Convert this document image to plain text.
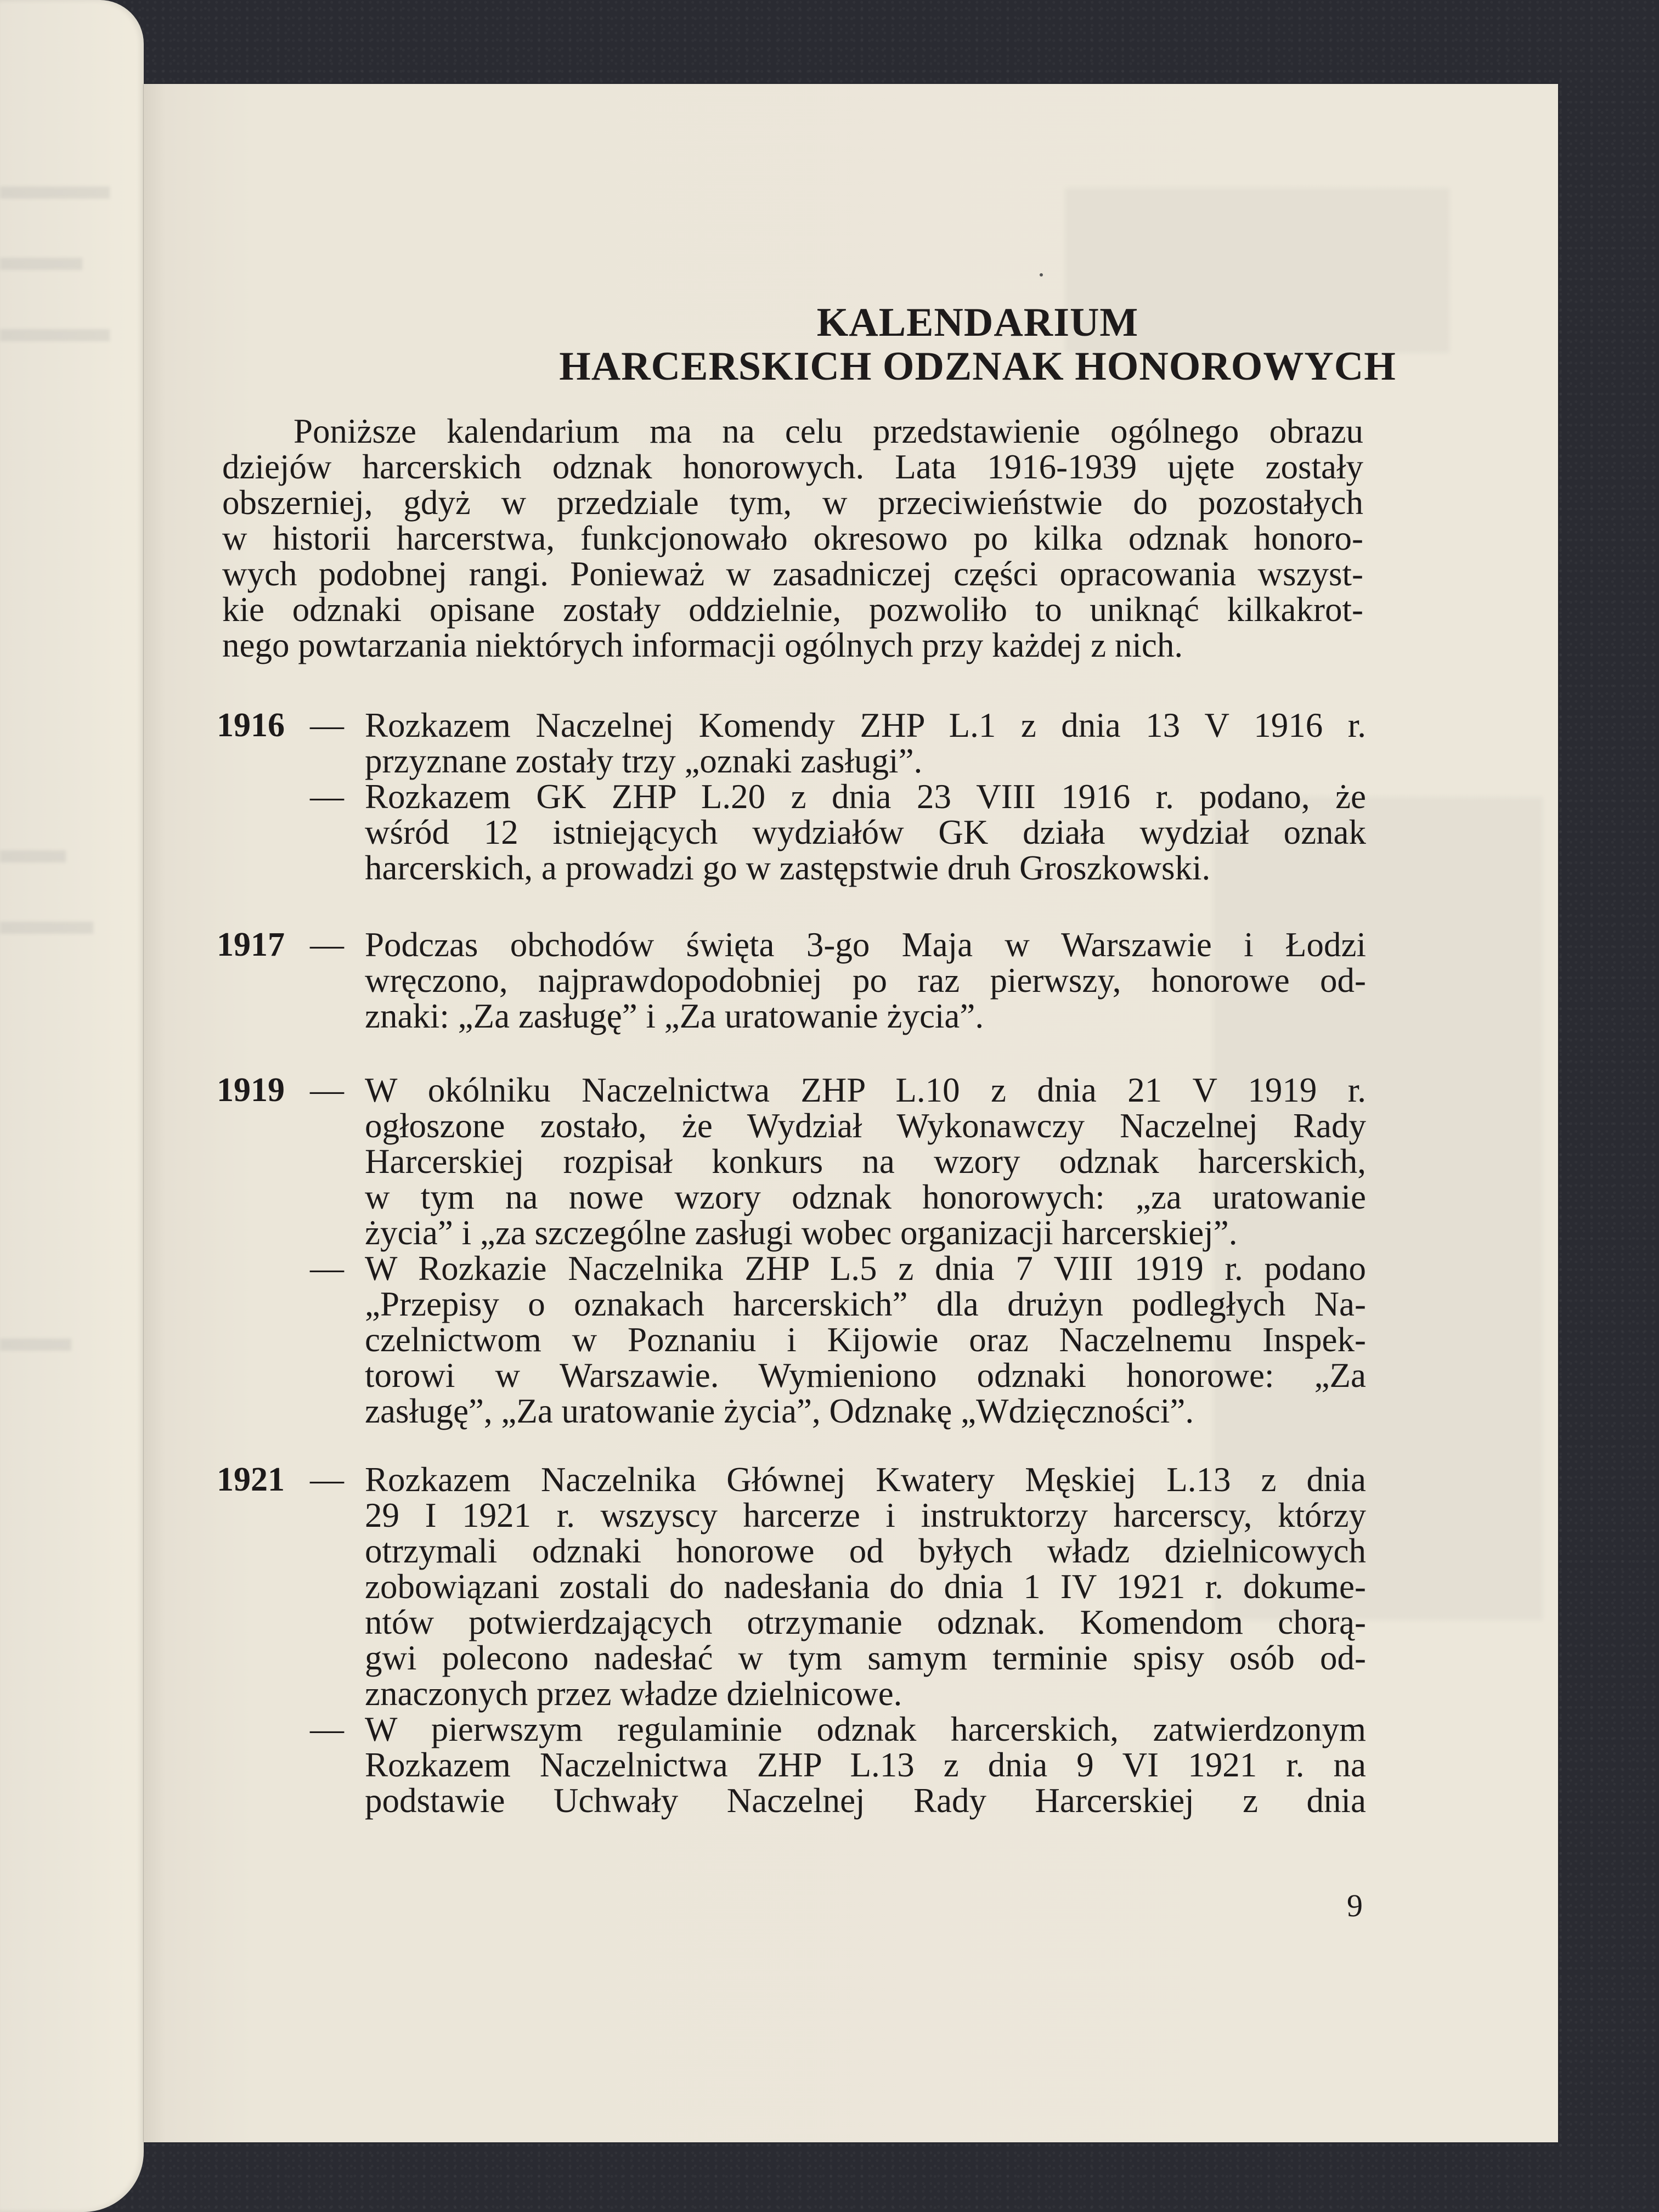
KALENDARIUM
HARCERSKICH ODZNAK HONOROWYCH
Poniższe kalendarium ma na celu przedstawienie ogólnego obrazu
dziejów harcerskich odznak honorowych. Lata 1916-1939 ujęte zostały
obszerniej, gdyż w przedziale tym, w przeciwieństwie do pozostałych
w historii harcerstwa, funkcjonowało okresowo po kilka odznak honoro-
wych podobnej rangi. Ponieważ w zasadniczej części opracowania wszyst-
kie odznaki opisane zostały oddzielnie, pozwoliło to uniknąć kilkakrot-
nego powtarzania niektórych informacji ogólnych przy każdej z nich.
1916 — Rozkazem Naczelnej Komendy ZHP L.1 z dnia 13 V 1916 r.
przyznane zostały trzy „oznaki zasługi”.
— Rozkazem GK ZHP L.20 z dnia 23 VIII 1916 r. podano, że
wśród 12 istniejących wydziałów GK działa wydział oznak
harcerskich, a prowadzi go w zastępstwie druh Groszkowski.
1917 — Podczas obchodów święta 3-go Maja w Warszawie i Łodzi
wręczono, najprawdopodobniej po raz pierwszy, honorowe od-
znaki: „Za zasługę” i „Za uratowanie życia”.
1919 — W okólniku Naczelnictwa ZHP L.10 z dnia 21 V 1919 r.
ogłoszone zostało, że Wydział Wykonawczy Naczelnej Rady
Harcerskiej rozpisał konkurs na wzory odznak harcerskich,
w tym na nowe wzory odznak honorowych: „za uratowanie
życia” i „za szczególne zasługi wobec organizacji harcerskiej”.
— W Rozkazie Naczelnika ZHP L.5 z dnia 7 VIII 1919 r. podano
„Przepisy o oznakach harcerskich” dla drużyn podległych Na-
czelnictwom w Poznaniu i Kijowie oraz Naczelnemu Inspek-
torowi w Warszawie. Wymieniono odznaki honorowe: „Za
zasługę”, „Za uratowanie życia”, Odznakę „Wdzięczności”.
1921 — Rozkazem Naczelnika Głównej Kwatery Męskiej L.13 z dnia
29 I 1921 r. wszyscy harcerze i instruktorzy harcerscy, którzy
otrzymali odznaki honorowe od byłych władz dzielnicowych
zobowiązani zostali do nadesłania do dnia 1 IV 1921 r. dokume-
ntów potwierdzających otrzymanie odznak. Komendom chorą-
gwi polecono nadesłać w tym samym terminie spisy osób od-
znaczonych przez władze dzielnicowe.
— W pierwszym regulaminie odznak harcerskich, zatwierdzonym
Rozkazem Naczelnictwa ZHP L.13 z dnia 9 VI 1921 r. na
podstawie Uchwały Naczelnej Rady Harcerskiej z dnia
9
